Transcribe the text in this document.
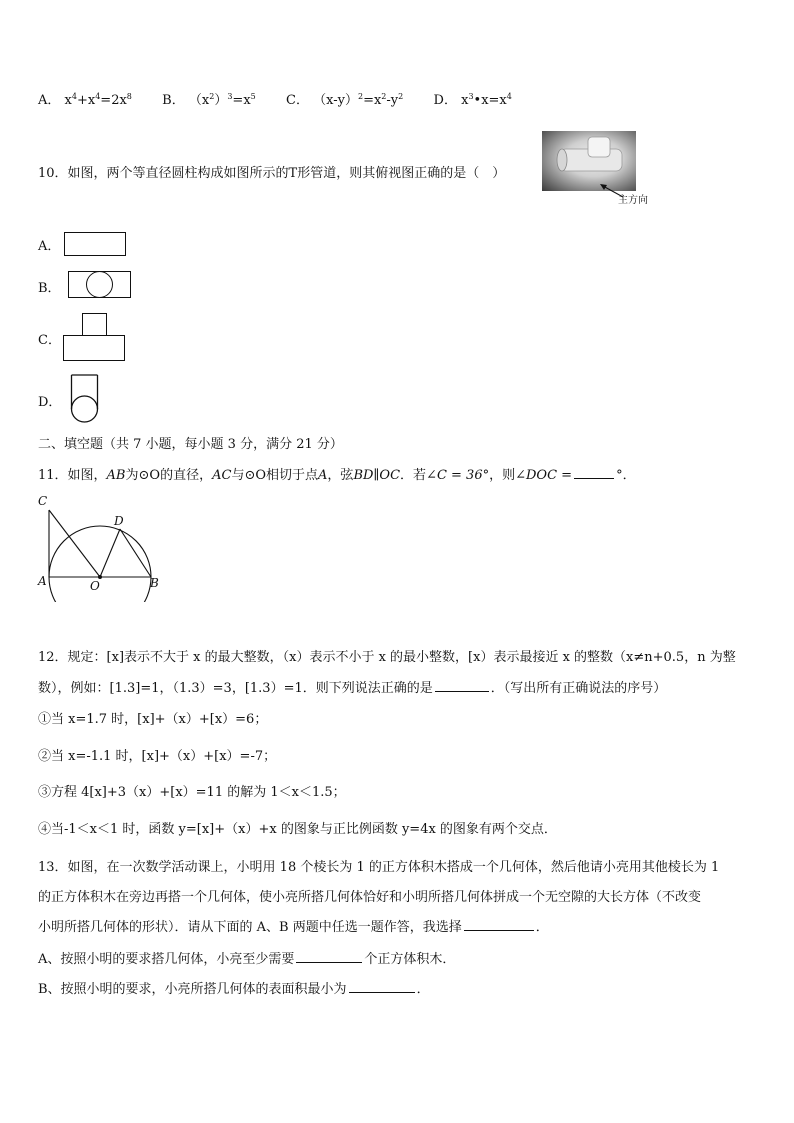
A． $x^4+x^4=2x^8$ B． $(x^2)^3=x^5$ C． $(x-y)^2=x^2-y^2$ D． $x^3•x=x^4$
10．如图，两个等直径圆柱构成如图所示的T形管道，则其俯视图正确的是（　）
主方向
A．
B．
C．
D．
二、填空题（共 7 小题，每小题 3 分，满分 21 分）
11．如图，AB为⊙O的直径，AC与⊙O相切于点A，弦BD∥OC．若∠C = 36°，则∠DOC =	°．
C
D
A	O	B
12．规定：[x]表示不大于 x 的最大整数，（x）表示不小于 x 的最小整数，[x）表示最接近 x 的整数（x≠n+0.5，n 为整
数），例如：[1.3]=1，（1.3）=3，[1.3）=1．则下列说法正确的是	．（写出所有正确说法的序号）
①当 x=1.7 时，[x]+（x）+[x）=6；
②当 x=-1.1 时，[x]+（x）+[x）=-7；
③方程 4[x]+3（x）+[x）=11 的解为 1＜x＜1.5；
④当-1＜x＜1 时，函数 y=[x]+（x）+x 的图象与正比例函数 y=4x 的图象有两个交点．
13．如图，在一次数学活动课上，小明用 18 个棱长为 1 的正方体积木搭成一个几何体，然后他请小亮用其他棱长为 1
的正方体积木在旁边再搭一个几何体，使小亮所搭几何体恰好和小明所搭几何体拼成一个无空隙的大长方体（不改变
小明所搭几何体的形状）．请从下面的 A、B 两题中任选一题作答，我选择	．
A、按照小明的要求搭几何体，小亮至少需要	个正方体积木．
B、按照小明的要求，小亮所搭几何体的表面积最小为	．
